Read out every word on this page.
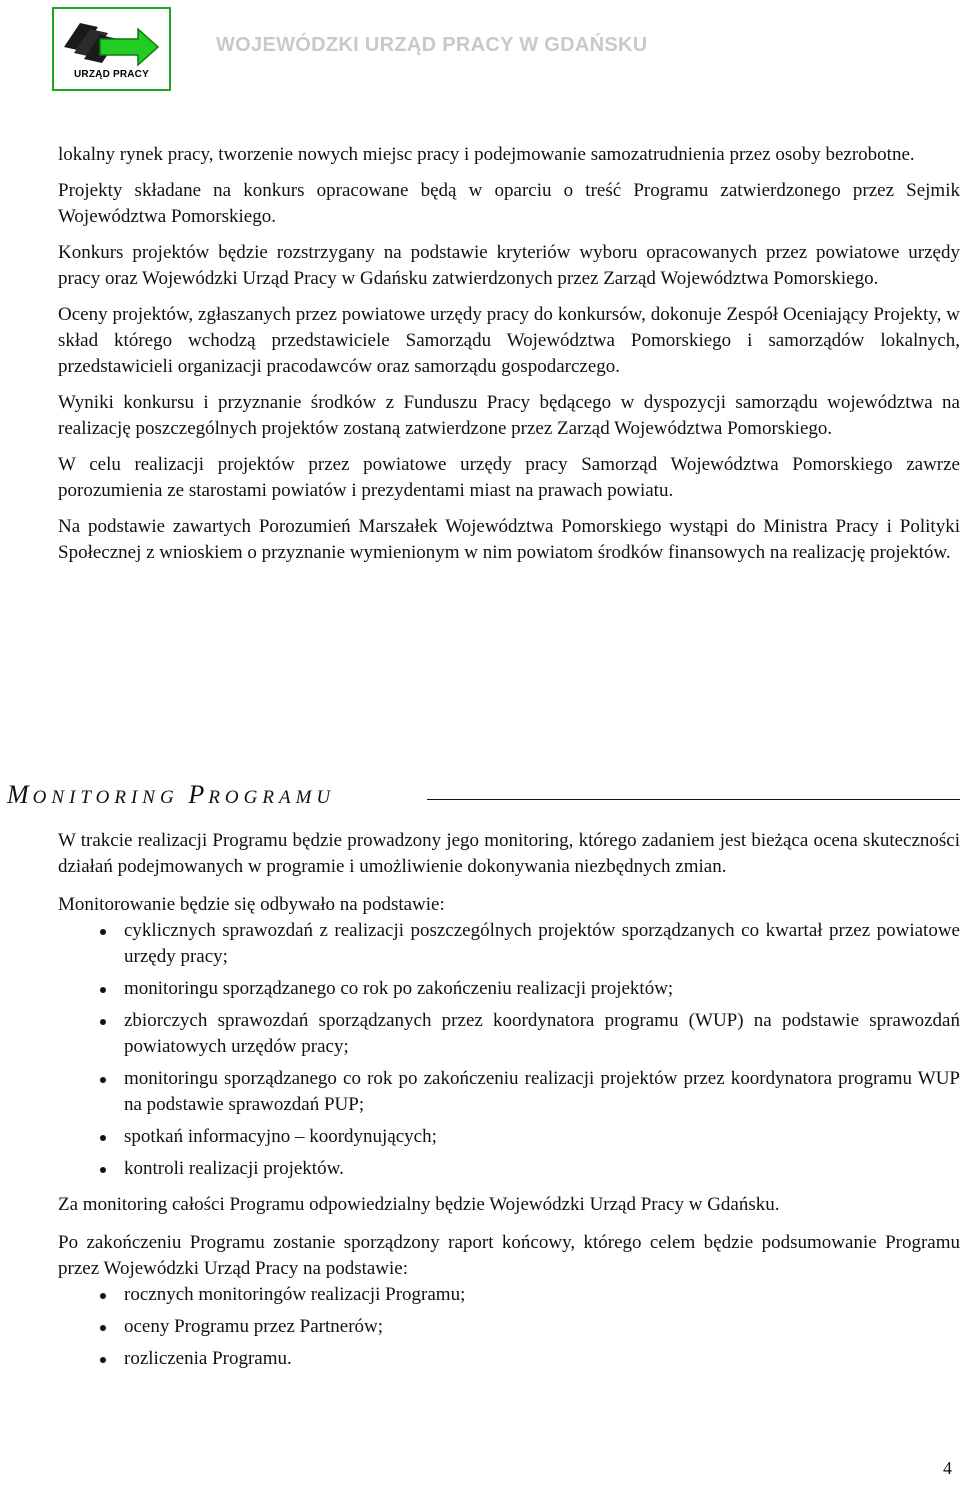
URZĄD PRACY
WOJEWÓDZKI URZĄD PRACY W GDAŃSKU

lokalny rynek pracy, tworzenie nowych miejsc pracy i podejmowanie samozatrudnienia przez osoby bezrobotne.

Projekty składane na konkurs opracowane będą w oparciu o treść Programu zatwierdzonego przez Sejmik Województwa Pomorskiego.

Konkurs projektów będzie rozstrzygany na podstawie kryteriów wyboru opracowanych przez powiatowe urzędy pracy oraz Wojewódzki Urząd Pracy w Gdańsku zatwierdzonych przez Zarząd Województwa Pomorskiego.

Oceny projektów, zgłaszanych przez powiatowe urzędy pracy do konkursów, dokonuje Zespół Oceniający Projekty, w skład którego wchodzą przedstawiciele Samorządu Województwa Pomorskiego i samorządów lokalnych, przedstawicieli organizacji pracodawców oraz samorządu gospodarczego.

Wyniki konkursu i przyznanie środków z Funduszu Pracy będącego w dyspozycji samorządu województwa na realizację poszczególnych projektów zostaną zatwierdzone przez Zarząd Województwa Pomorskiego.

W celu realizacji projektów przez powiatowe urzędy pracy Samorząd Województwa Pomorskiego zawrze porozumienia ze starostami powiatów i prezydentami miast na prawach powiatu.

Na podstawie zawartych Porozumień Marszałek Województwa Pomorskiego wystąpi do Ministra Pracy i Polityki Społecznej z wnioskiem o przyznanie wymienionym w nim powiatom środków finansowych na realizację projektów.

MONITORING PROGRAMU

W trakcie realizacji Programu będzie prowadzony jego monitoring, którego zadaniem jest bieżąca ocena skuteczności działań podejmowanych w programie i umożliwienie dokonywania niezbędnych zmian.

Monitorowanie będzie się odbywało na podstawie:

cyklicznych sprawozdań z realizacji poszczególnych projektów sporządzanych co kwartał przez powiatowe urzędy pracy;
monitoringu sporządzanego co rok po zakończeniu realizacji projektów;
zbiorczych sprawozdań sporządzanych przez koordynatora programu (WUP) na podstawie sprawozdań powiatowych urzędów pracy;
monitoringu sporządzanego co rok po zakończeniu realizacji projektów przez koordynatora programu WUP na podstawie sprawozdań PUP;
spotkań informacyjno – koordynujących;
kontroli realizacji projektów.

Za monitoring całości Programu odpowiedzialny będzie Wojewódzki Urząd Pracy w Gdańsku.

Po zakończeniu Programu zostanie sporządzony raport końcowy, którego celem będzie podsumowanie Programu przez Wojewódzki Urząd Pracy na podstawie:

rocznych monitoringów realizacji Programu;
oceny Programu przez Partnerów;
rozliczenia Programu.
4
